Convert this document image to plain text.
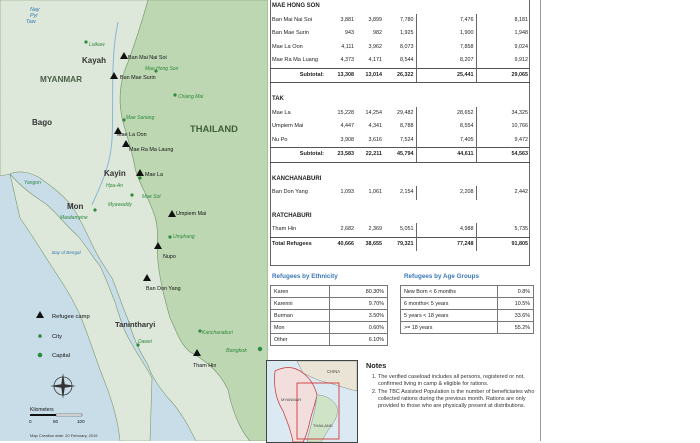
MYANMAR
THAILAND
Kayah
Bago
Kayin
Mon
Tanintharyi
Nay Pyi Taw
Loikaw
Mae Hong Son
Chiang Mai
Mae Sariang
Hpa-An
Myawaddy
Mae Sot
Mawlamyine
Yangon
Umphang
Dawei
Kanchanaburi
Bangkok
Bay of Bengal
Ban Mai Nai Soi
Ban Mae Surin
Mae La Oon
Mae Ra Ma Laung
Mae La
Umpiem Mai
Nupo
Ban Don Yang
Tham Hin
Refugee camp
City
Capital
Kilometers
0	50	100
Map Creation date: 20 February, 2019
MAE HONG SON					
Ban Mai Nai Soi	3,881	3,899	7,780	7,476	8,181
Ban Mae Surin	943	982	1,925	1,900	1,948
Mae La Oon	4,111	3,962	8,073	7,858	9,024
Mae Ra Ma Luang	4,373	4,171	8,544	8,207	9,912
Subtotal:	13,308	13,014	26,322	25,441	29,065

TAK					
Mae La	15,228	14,254	29,482	28,652	34,325
Umpiem Mai	4,447	4,341	8,788	8,554	10,766
Nu Po	3,908	3,616	7,524	7,405	9,472
Subtotal:	23,583	22,211	45,794	44,611	54,563

KANCHANABURI					
Ban Don Yang	1,093	1,061	2,154	2,208	2,442

RATCHABURI					
Tham Hin	2,682	2,369	5,051	4,988	5,735
Total Refugees	40,666	38,655	79,321	77,248	91,805
Refugees by Ethnicity
Karen	80.30%
Karenni	9.70%
Burman	3.50%
Mon	0.60%
Other	6.10%
Refugees by Age Groups
New Born < 6 months	0.8%
6 months< 5 years	10.5%
5 years < 18 years	33.6%
>= 18 years	55.2%
CHINA
MYANMAR
THAILAND
Notes
1. The verified caseload includes all persons, registered or not, confirmed living in camp & eligible for rations.
2. The TBC Assisted Population is the number of beneficiaries who collected rations during the previous month. Rations are only provided to those who are physically present at distributions.
